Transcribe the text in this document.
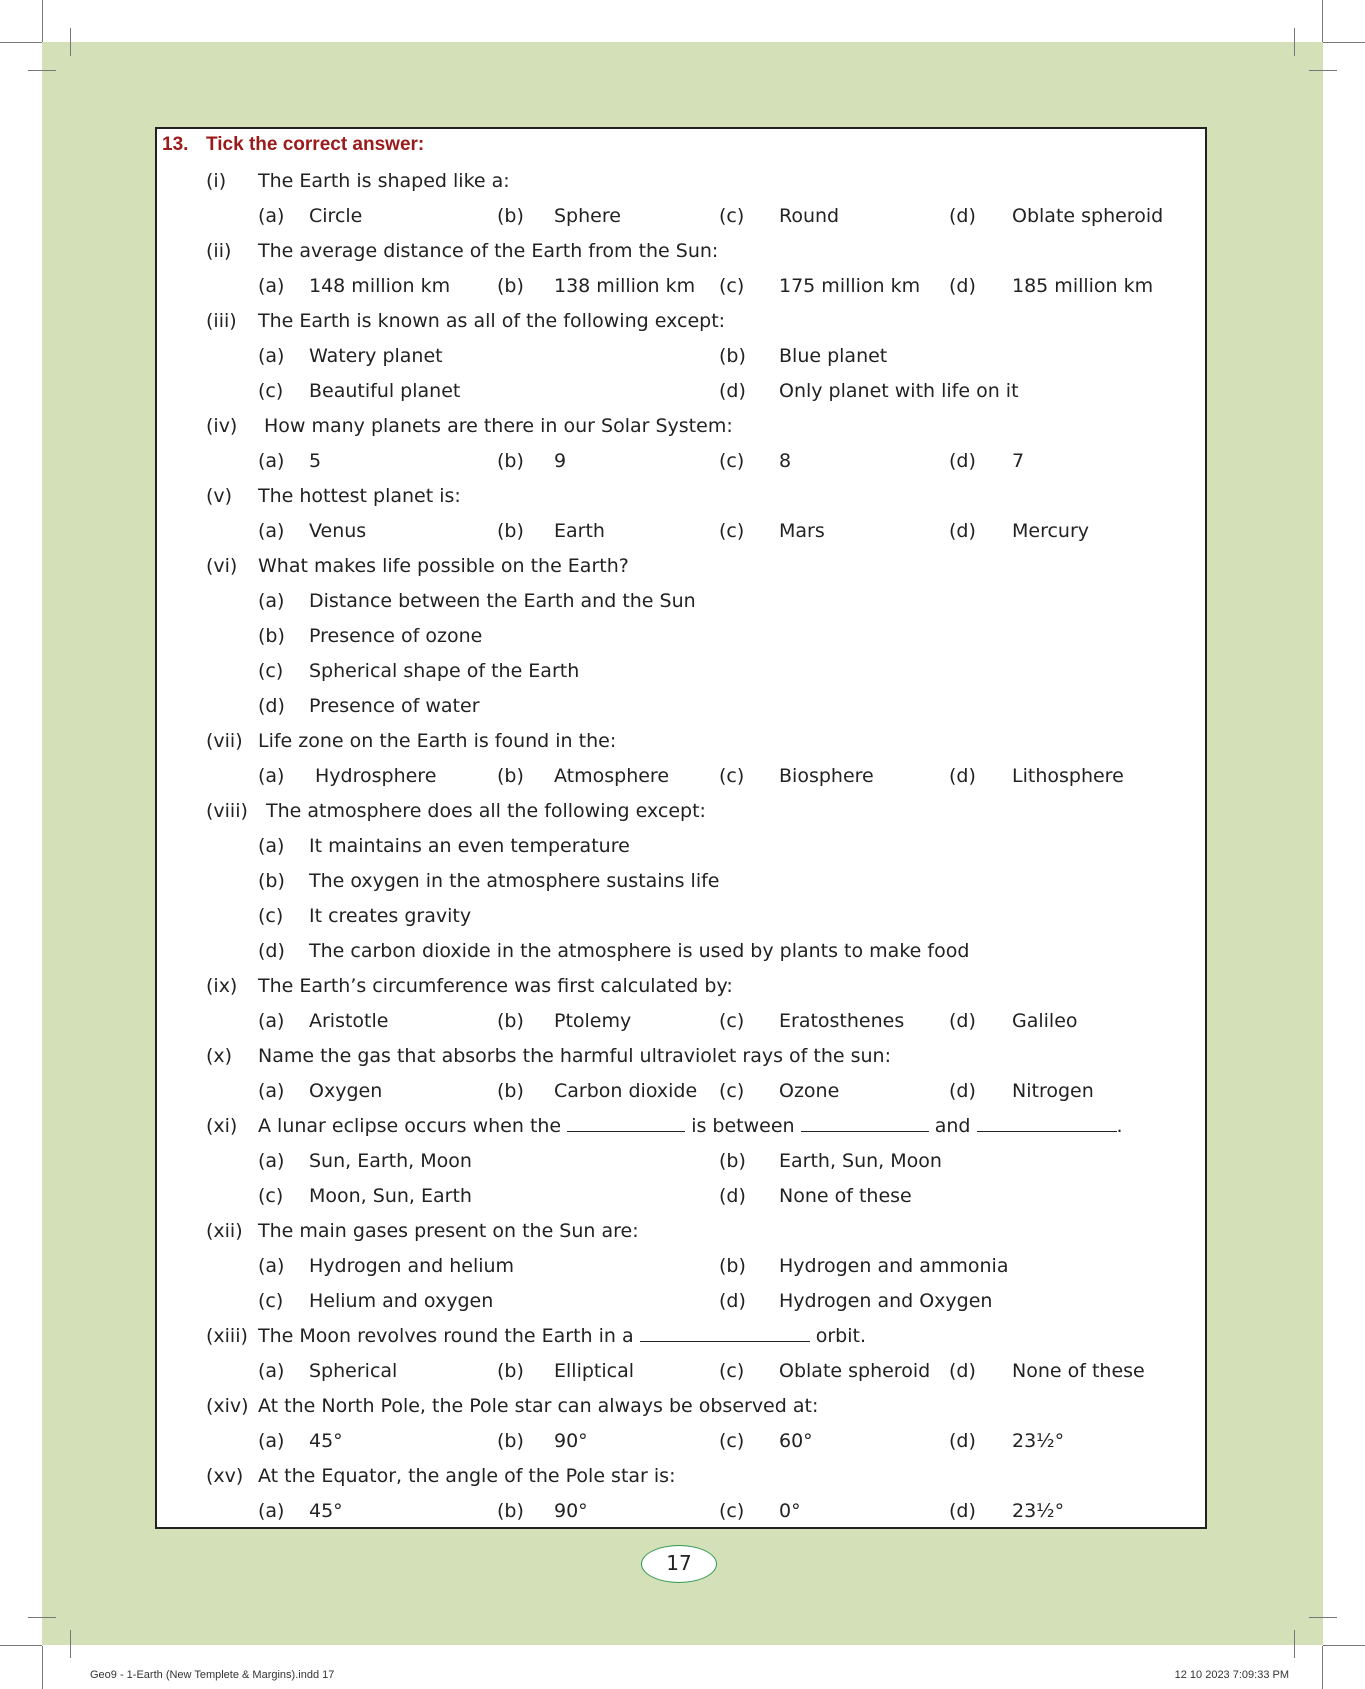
13. Tick the correct answer:
(i) The Earth is shaped like a:
(a) Circle	(b) Sphere	(c) Round	(d) Oblate spheroid
(ii) The average distance of the Earth from the Sun:
(a) 148 million km (b) 138 million km (c) 175 million km (d) 185 million km
(iii) The Earth is known as all of the following except:
(a) Watery planet	(b) Blue planet
(c) Beautiful planet	(d) Only planet with life on it
(iv) How many planets are there in our Solar System:
(a) 5	(b) 9	(c) 8	(d) 7
(v) The hottest planet is:
(a) Venus	(b) Earth	(c) Mars	(d) Mercury
(vi) What makes life possible on the Earth?
(a) Distance between the Earth and the Sun
(b) Presence of ozone
(c) Spherical shape of the Earth
(d) Presence of water
(vii) Life zone on the Earth is found in the:
(a) Hydrosphere	(b) Atmosphere	(c) Biosphere	(d) Lithosphere
(viii) The atmosphere does all the following except:
(a) It maintains an even temperature
(b) The oxygen in the atmosphere sustains life
(c) It creates gravity
(d) The carbon dioxide in the atmosphere is used by plants to make food
(ix) The Earth’s circumference was first calculated by:
(a) Aristotle	(b) Ptolemy	(c) Eratosthenes (d) Galileo
(x) Name the gas that absorbs the harmful ultraviolet rays of the sun:
(a) Oxygen	(b) Carbon dioxide (c) Ozone	(d) Nitrogen
(xi) A lunar eclipse occurs when the	is between	and	.
(a) Sun, Earth, Moon	(b) Earth, Sun, Moon
(c) Moon, Sun, Earth	(d) None of these
(xii) The main gases present on the Sun are:
(a) Hydrogen and helium	(b) Hydrogen and ammonia
(c) Helium and oxygen	(d) Hydrogen and Oxygen
(xiii) The Moon revolves round the Earth in a	orbit.
(a) Spherical	(b) Elliptical	(c) Oblate spheroid (d) None of these
(xiv) At the North Pole, the Pole star can always be observed at:
(a) 45°	(b) 90°	(c) 60°	(d) 23½°
(xv) At the Equator, the angle of the Pole star is:
(a) 45°	(b) 90°	(c) 0°	(d) 23½°
17
Geo9 - 1-Earth (New Templete & Margins).indd 17	12 10 2023 7:09:33 PM
